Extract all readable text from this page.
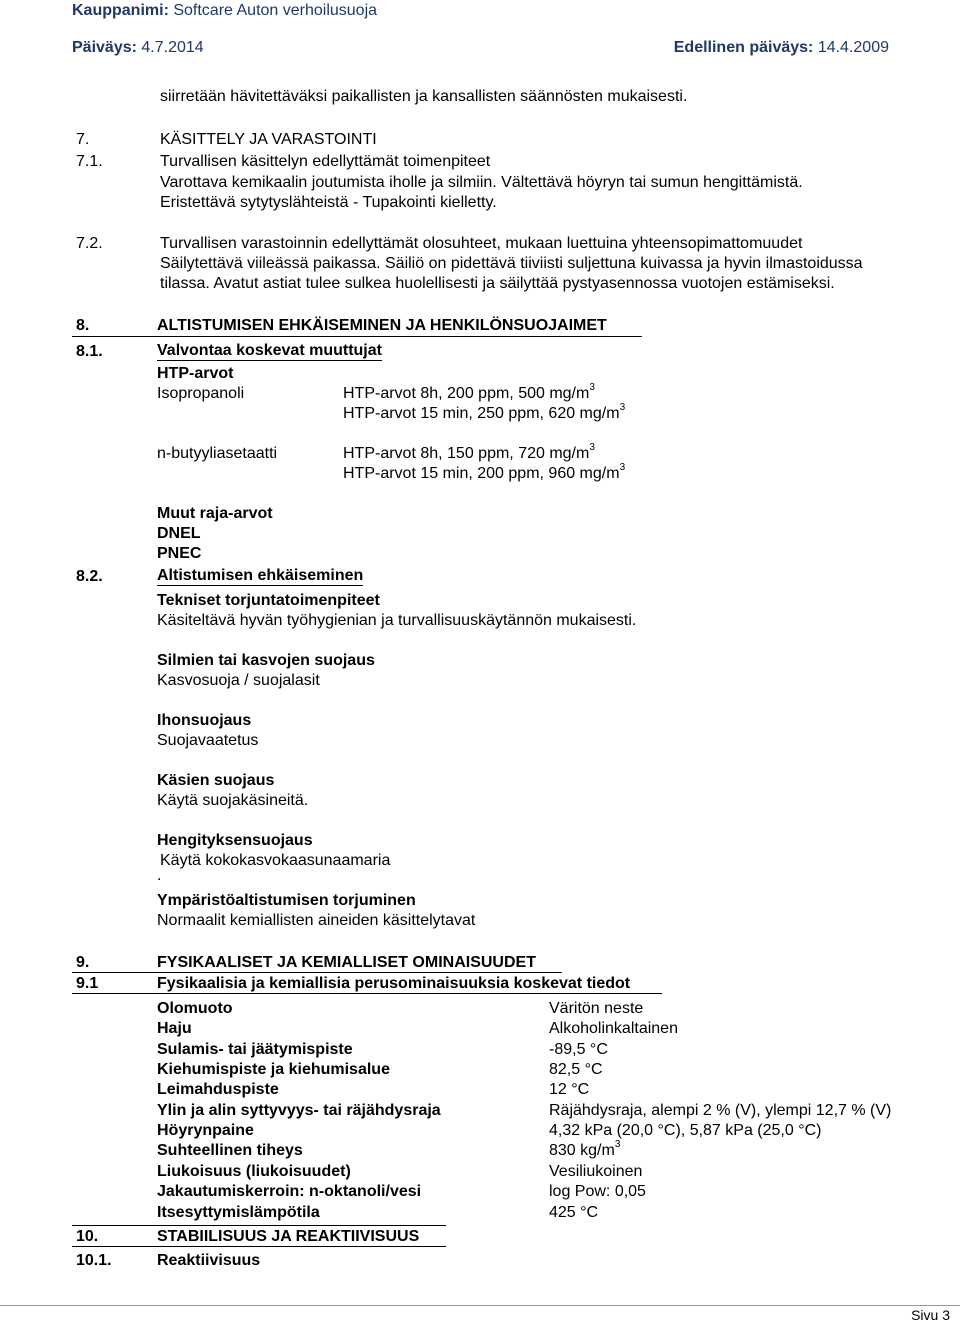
Kauppanimi: Softcare Auton verhoilusuoja
Päiväys: 4.7.2014	Edellinen päiväys: 14.4.2009
siirretään hävitettäväksi paikallisten ja kansallisten säännösten mukaisesti.
7.	KÄSITTELY JA VARASTOINTI
7.1.	Turvallisen käsittelyn edellyttämät toimenpiteet
Varottava kemikaalin joutumista iholle ja silmiin. Vältettävä höyryn tai sumun hengittämistä.
Eristettävä sytytyslähteistä - Tupakointi kielletty.
7.2.	Turvallisen varastoinnin edellyttämät olosuhteet, mukaan luettuina yhteensopimattomuudet
Säilytettävä viileässä paikassa. Säiliö on pidettävä tiiviisti suljettuna kuivassa ja hyvin ilmastoidussa
tilassa. Avatut astiat tulee sulkea huolellisesti ja säilyttää pystyasennossa vuotojen estämiseksi.
8.	ALTISTUMISEN EHKÄISEMINEN JA HENKILÖNSUOJAIMET
8.1.	Valvontaa koskevat muuttujat
HTP-arvot
Isopropanoli	HTP-arvot 8h, 200 ppm, 500 $mg/m^3$
HTP-arvot 15 min, 250 ppm, 620 $mg/m^3$
n-butyyliasetaatti	HTP-arvot 8h, 150 ppm, 720 $mg/m^3$
HTP-arvot 15 min, 200 ppm, 960 $mg/m^3$
Muut raja-arvot
DNEL
PNEC
8.2.	Altistumisen ehkäiseminen
Tekniset torjuntatoimenpiteet
Käsiteltävä hyvän työhygienian ja turvallisuuskäytännön mukaisesti.
Silmien tai kasvojen suojaus
Kasvosuoja / suojalasit
Ihonsuojaus
Suojavaatetus
Käsien suojaus
Käytä suojakäsineitä.
Hengityksensuojaus
Käytä kokokasvokaasunaamaria
.
Ympäristöaltistumisen torjuminen
Normaalit kemiallisten aineiden käsittelytavat
9.	FYSIKAALISET JA KEMIALLISET OMINAISUUDET
9.1	Fysikaalisia ja kemiallisia perusominaisuuksia koskevat tiedot
Olomuoto	Väritön neste
Haju	Alkoholinkaltainen
Sulamis- tai jäätymispiste	-89,5 °C
Kiehumispiste ja kiehumisalue	82,5 °C
Leimahduspiste	12 °C
Ylin ja alin syttyvyys- tai räjähdysraja	Räjähdysraja, alempi 2 % (V), ylempi 12,7 % (V)
Höyrynpaine	4,32 kPa (20,0 °C), 5,87 kPa (25,0 °C)
Suhteellinen tiheys	830 $kg/m^3$
Liukoisuus (liukoisuudet)	Vesiliukoinen
Jakautumiskerroin: n-oktanoli/vesi	log Pow: 0,05
Itsesyttymislämpötila	425 °C
10.	STABIILISUUS JA REAKTIIVISUUS
10.1.	Reaktiivisuus
Sivu 3
